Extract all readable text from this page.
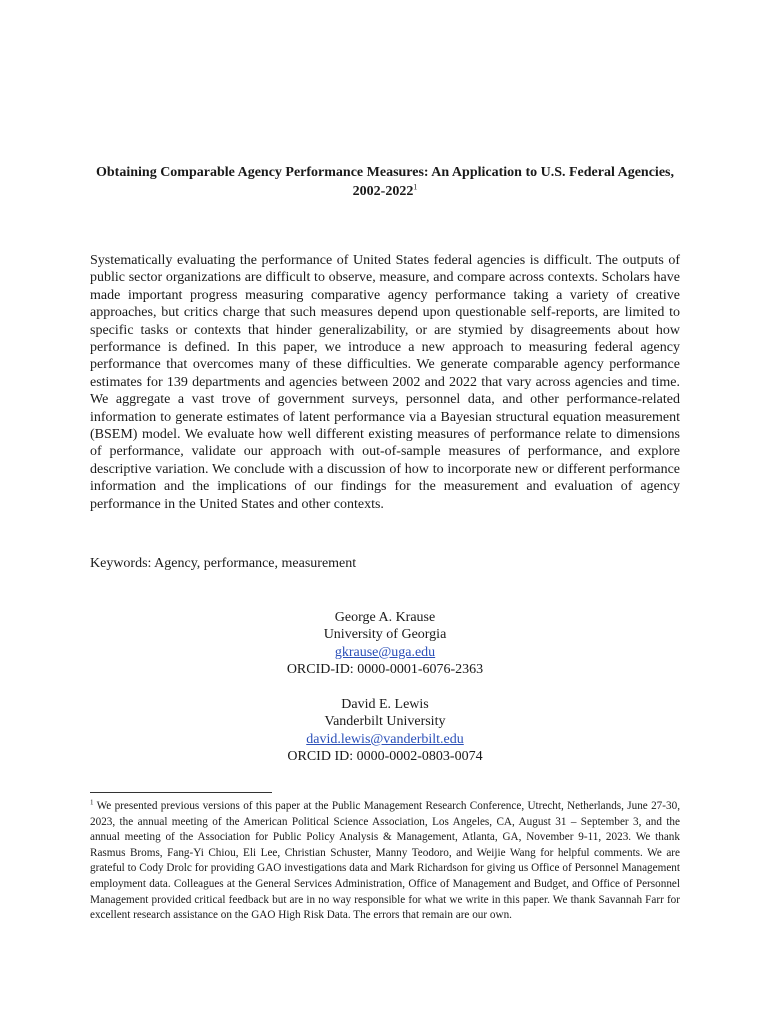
Obtaining Comparable Agency Performance Measures: An Application to U.S. Federal Agencies, 2002-2022$^1$

Systematically evaluating the performance of United States federal agencies is difficult. The outputs of public sector organizations are difficult to observe, measure, and compare across contexts. Scholars have made important progress measuring comparative agency performance taking a variety of creative approaches, but critics charge that such measures depend upon questionable self-reports, are limited to specific tasks or contexts that hinder generalizability, or are stymied by disagreements about how performance is defined. In this paper, we introduce a new approach to measuring federal agency performance that overcomes many of these difficulties. We generate comparable agency performance estimates for 139 departments and agencies between 2002 and 2022 that vary across agencies and time. We aggregate a vast trove of government surveys, personnel data, and other performance-related information to generate estimates of latent performance via a Bayesian structural equation measurement (BSEM) model. We evaluate how well different existing measures of performance relate to dimensions of performance, validate our approach with out-of-sample measures of performance, and explore descriptive variation. We conclude with a discussion of how to incorporate new or different performance information and the implications of our findings for the measurement and evaluation of agency performance in the United States and other contexts.

Keywords: Agency, performance, measurement

George A. Krause
University of Georgia
gkrause@uga.edu
ORCID-ID: 0000-0001-6076-2363
David E. Lewis
Vanderbilt University
david.lewis@vanderbilt.edu
ORCID ID: 0000-0002-0803-0074

$^1$ We presented previous versions of this paper at the Public Management Research Conference, Utrecht, Netherlands, June 27-30, 2023, the annual meeting of the American Political Science Association, Los Angeles, CA, August 31 – September 3, and the annual meeting of the Association for Public Policy Analysis & Management, Atlanta, GA, November 9-11, 2023. We thank Rasmus Broms, Fang-Yi Chiou, Eli Lee, Christian Schuster, Manny Teodoro, and Weijie Wang for helpful comments. We are grateful to Cody Drolc for providing GAO investigations data and Mark Richardson for giving us Office of Personnel Management employment data. Colleagues at the General Services Administration, Office of Management and Budget, and Office of Personnel Management provided critical feedback but are in no way responsible for what we write in this paper. We thank Savannah Farr for excellent research assistance on the GAO High Risk Data. The errors that remain are our own.
